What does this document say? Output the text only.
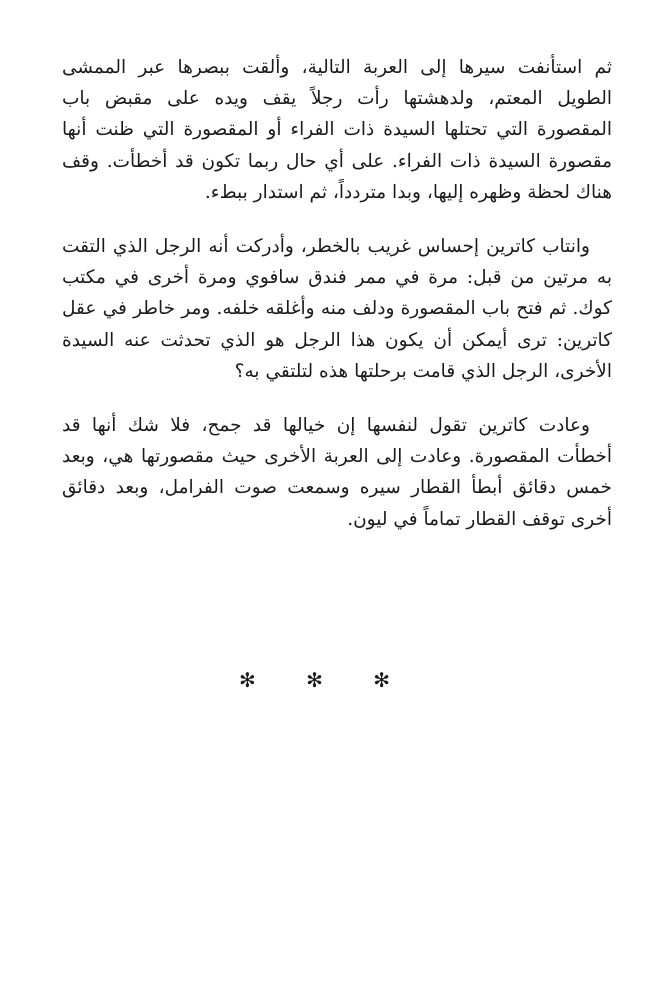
ثم استأنفت سيرها إلى العربة التالية، وألقت ببصرها عبر الممشى الطويل المعتم، ولدهشتها رأت رجلاً يقف ويده على مقبض باب المقصورة التي تحتلها السيدة ذات الفراء أو المقصورة التي ظنت أنها مقصورة السيدة ذات الفراء. على أي حال ربما تكون قد أخطأت. وقف هناك لحظة وظهره إليها، وبدا متردداً، ثم استدار ببطء.

وانتاب كاترين إحساس غريب بالخطر، وأدركت أنه الرجل الذي التقت به مرتين من قبل: مرة في ممر فندق سافوي ومرة أخرى في مكتب كوك. ثم فتح باب المقصورة ودلف منه وأغلقه خلفه. ومر خاطر في عقل كاترين: ترى أيمكن أن يكون هذا الرجل هو الذي تحدثت عنه السيدة الأخرى، الرجل الذي قامت برحلتها هذه لتلتقي به؟

وعادت كاترين تقول لنفسها إن خيالها قد جمح، فلا شك أنها قد أخطأت المقصورة. وعادت إلى العربة الأخرى حيث مقصورتها هي، وبعد خمس دقائق أبطأ القطار سيره وسمعت صوت الفرامل، وبعد دقائق أخرى توقف القطار تماماً في ليون.

✻ ✻ ✻
